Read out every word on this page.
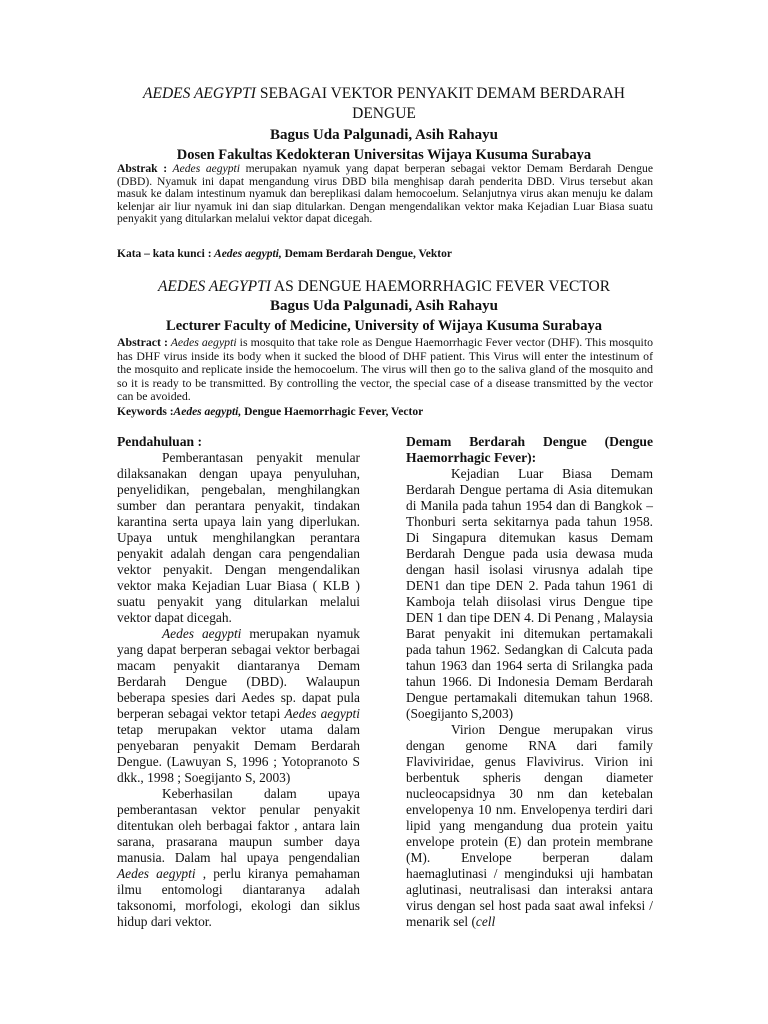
AEDES AEGYPTI SEBAGAI VEKTOR PENYAKIT DEMAM BERDARAH
DENGUE
Bagus Uda Palgunadi, Asih Rahayu
Dosen Fakultas Kedokteran Universitas Wijaya Kusuma Surabaya
Abstrak : Aedes aegypti merupakan nyamuk yang dapat berperan sebagai vektor Demam Berdarah Dengue (DBD). Nyamuk ini dapat mengandung virus DBD bila menghisap darah penderita DBD. Virus tersebut akan masuk ke dalam intestinum nyamuk dan bereplikasi dalam hemocoelum. Selanjutnya virus akan menuju ke dalam kelenjar air liur nyamuk ini dan siap ditularkan. Dengan mengendalikan vektor maka Kejadian Luar Biasa suatu penyakit yang ditularkan melalui vektor dapat dicegah.
Kata – kata kunci : Aedes aegypti, Demam Berdarah Dengue, Vektor
AEDES AEGYPTI AS DENGUE HAEMORRHAGIC FEVER VECTOR
Bagus Uda Palgunadi, Asih Rahayu
Lecturer Faculty of Medicine, University of Wijaya Kusuma Surabaya
Abstract : Aedes aegypti is mosquito that take role as Dengue Haemorrhagic Fever vector (DHF). This mosquito has DHF virus inside its body when it sucked the blood of DHF patient. This Virus will enter the intestinum of the mosquito and replicate inside the hemocoelum. The virus will then go to the saliva gland of the mosquito and so it is ready to be transmitted. By controlling the vector, the special case of a disease transmitted by the vector can be avoided.
Keywords :Aedes aegypti, Dengue Haemorrhagic Fever, Vector
Pendahuluan :

Pemberantasan penyakit menular dilaksanakan dengan upaya penyuluhan, penyelidikan, pengebalan, menghilangkan sumber dan perantara penyakit, tindakan karantina serta upaya lain yang diperlukan. Upaya untuk menghilangkan perantara penyakit adalah dengan cara pengendalian vektor penyakit. Dengan mengendalikan vektor maka Kejadian Luar Biasa ( KLB ) suatu penyakit yang ditularkan melalui vektor dapat dicegah.

Aedes aegypti merupakan nyamuk yang dapat berperan sebagai vektor berbagai macam penyakit diantaranya Demam Berdarah Dengue (DBD). Walaupun beberapa spesies dari Aedes sp. dapat pula berperan sebagai vektor tetapi Aedes aegypti tetap merupakan vektor utama dalam penyebaran penyakit Demam Berdarah Dengue. (Lawuyan S, 1996 ; Yotopranoto S dkk., 1998 ; Soegijanto S, 2003)

Keberhasilan dalam upaya pemberantasan vektor penular penyakit ditentukan oleh berbagai faktor , antara lain sarana, prasarana maupun sumber daya manusia. Dalam hal upaya pengendalian Aedes aegypti , perlu kiranya pemahaman ilmu entomologi diantaranya adalah taksonomi, morfologi, ekologi dan siklus hidup dari vektor.

Demam Berdarah Dengue (Dengue Haemorrhagic Fever):

Kejadian Luar Biasa Demam Berdarah Dengue pertama di Asia ditemukan di Manila pada tahun 1954 dan di Bangkok –Thonburi serta sekitarnya pada tahun 1958. Di Singapura ditemukan kasus Demam Berdarah Dengue pada usia dewasa muda dengan hasil isolasi virusnya adalah tipe DEN1 dan tipe DEN 2. Pada tahun 1961 di Kamboja telah diisolasi virus Dengue tipe DEN 1 dan tipe DEN 4. Di Penang , Malaysia Barat penyakit ini ditemukan pertamakali pada tahun 1962. Sedangkan di Calcuta pada tahun 1963 dan 1964 serta di Srilangka pada tahun 1966. Di Indonesia Demam Berdarah Dengue pertamakali ditemukan tahun 1968. (Soegijanto S,2003)

Virion Dengue merupakan virus dengan genome RNA dari family Flaviviridae, genus Flavivirus. Virion ini berbentuk spheris dengan diameter nucleocapsidnya 30 nm dan ketebalan envelopenya 10 nm. Envelopenya terdiri dari lipid yang mengandung dua protein yaitu envelope protein (E) dan protein membrane (M). Envelope berperan dalam haemaglutinasi / menginduksi uji hambatan aglutinasi, neutralisasi dan interaksi antara virus dengan sel host pada saat awal infeksi / menarik sel (cell
